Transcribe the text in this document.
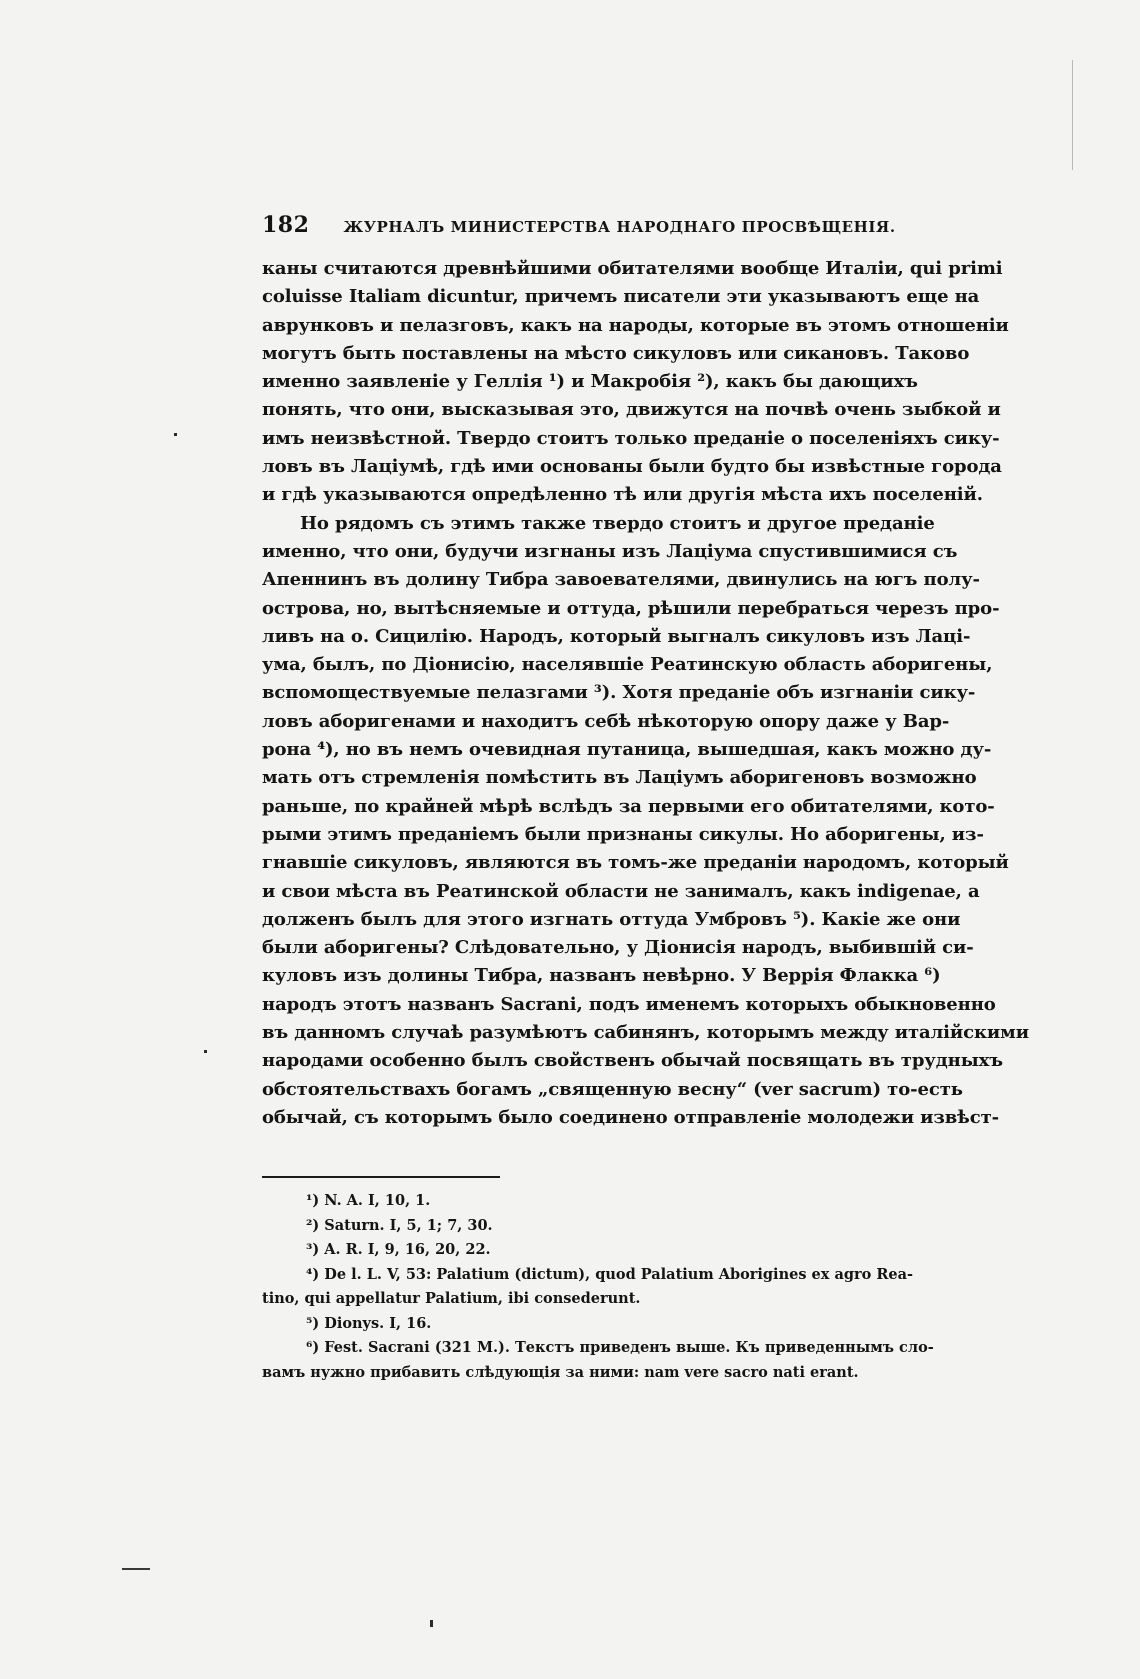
182 ЖУРНАЛЪ МИНИСТЕРСТВА НАРОДНАГО ПРОСВѢЩЕНІЯ.
каны считаются древнѣйшими обитателями вообще Италіи, qui primi
coluisse Italiam dicuntur, причемъ писатели эти указываютъ еще на
аврунковъ и пелазговъ, какъ на народы, которые въ этомъ отношеніи
могутъ быть поставлены на мѣсто сикуловъ или сикановъ. Таково
именно заявленіе у Геллія ¹) и Макробія ²), какъ бы дающихъ
понять, что они, высказывая это, движутся на почвѣ очень зыбкой и
имъ неизвѣстной. Твердо стоитъ только преданіе о поселеніяхъ сику-
ловъ въ Лаціумѣ, гдѣ ими основаны были будто бы извѣстные города
и гдѣ указываются опредѣленно тѣ или другія мѣста ихъ поселеній.
Но рядомъ съ этимъ также твердо стоитъ и другое преданіе
именно, что они, будучи изгнаны изъ Лаціума спустившимися съ
Апеннинъ въ долину Тибра завоевателями, двинулись на югъ полу-
острова, но, вытѣсняемые и оттуда, рѣшили перебраться черезъ про-
ливъ на о. Сицилію. Народъ, который выгналъ сикуловъ изъ Лаці-
ума, былъ, по Діонисію, населявшіе Реатинскую область аборигены,
вспомоществуемые пелазгами ³). Хотя преданіе объ изгнаніи сику-
ловъ аборигенами и находитъ себѣ нѣкоторую опору даже у Вар-
рона ⁴), но въ немъ очевидная путаница, вышедшая, какъ можно ду-
мать отъ стремленія помѣстить въ Лаціумъ аборигеновъ возможно
раньше, по крайней мѣрѣ вслѣдъ за первыми его обитателями, кото-
рыми этимъ преданіемъ были признаны сикулы. Но аборигены, из-
гнавшіе сикуловъ, являются въ томъ-же преданіи народомъ, который
и свои мѣста въ Реатинской области не занималъ, какъ indigenae, а
долженъ былъ для этого изгнать оттуда Умбровъ ⁵). Какіе же они
были аборигены? Слѣдовательно, у Діонисія народъ, выбившій си-
куловъ изъ долины Тибра, названъ невѣрно. У Веррія Флакка ⁶)
народъ этотъ названъ Sacrani, подъ именемъ которыхъ обыкновенно
въ данномъ случаѣ разумѣютъ сабинянъ, которымъ между италійскими
народами особенно былъ свойственъ обычай посвящать въ трудныхъ
обстоятельствахъ богамъ „священную весну“ (ver sacrum) то-есть
обычай, съ которымъ было соединено отправленіе молодежи извѣст-
¹) N. A. I, 10, 1.
²) Saturn. I, 5, 1; 7, 30.
³) A. R. I, 9, 16, 20, 22.
⁴) De l. L. V, 53: Palatium (dictum), quod Palatium Aborigines ex agro Rea-
tino, qui appellatur Palatium, ibi consederunt.
⁵) Dionys. I, 16.
⁶) Fest. Sacrani (321 M.). Текстъ приведенъ выше. Къ приведеннымъ сло-
вамъ нужно прибавить слѣдующія за ними: nam vere sacro nati erant.
